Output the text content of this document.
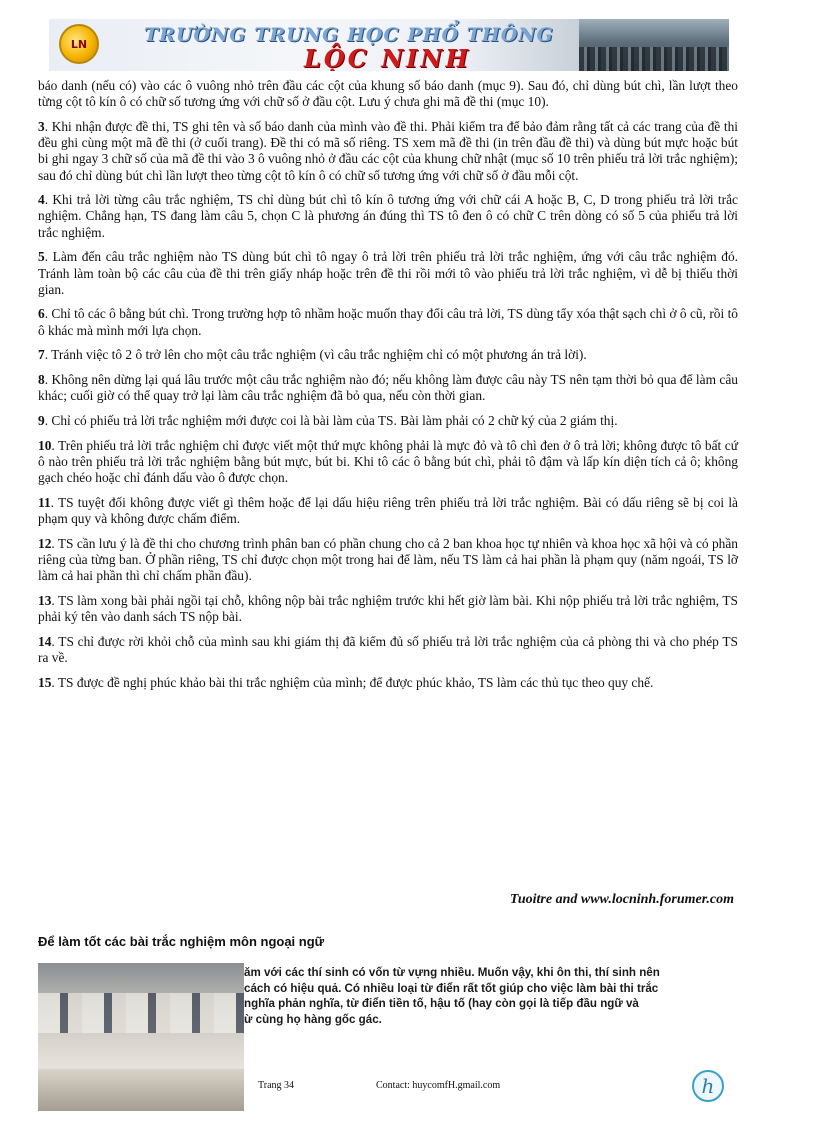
LN	TRƯỜNG TRUNG HỌC PHỔ THÔNG
LỘC NINH

báo danh (nếu có) vào các ô vuông nhỏ trên đầu các cột của khung số báo danh (mục 9). Sau đó, chỉ dùng bút chì, lần lượt theo từng cột tô kín ô có chữ số tương ứng với chữ số ở đầu cột. Lưu ý chưa ghi mã đề thi (mục 10).

3. Khi nhận được đề thi, TS ghi tên và số báo danh của mình vào đề thi. Phải kiểm tra để bảo đảm rằng tất cả các trang của đề thi đều ghi cùng một mã đề thi (ở cuối trang). Đề thi có mã số riêng. TS xem mã đề thi (in trên đầu đề thi) và dùng bút mực hoặc bút bi ghi ngay 3 chữ số của mã đề thi vào 3 ô vuông nhỏ ở đầu các cột của khung chữ nhật (mục số 10 trên phiếu trả lời trắc nghiệm); sau đó chỉ dùng bút chì lần lượt theo từng cột tô kín ô có chữ số tương ứng với chữ số ở đầu mỗi cột.

4. Khi trả lời từng câu trắc nghiệm, TS chỉ dùng bút chì tô kín ô tương ứng với chữ cái A hoặc B, C, D trong phiếu trả lời trắc nghiệm. Chẳng hạn, TS đang làm câu 5, chọn C là phương án đúng thì TS tô đen ô có chữ C trên dòng có số 5 của phiếu trả lời trắc nghiệm.

5. Làm đến câu trắc nghiệm nào TS dùng bút chì tô ngay ô trả lời trên phiếu trả lời trắc nghiệm, ứng với câu trắc nghiệm đó. Tránh làm toàn bộ các câu của đề thi trên giấy nháp hoặc trên đề thi rồi mới tô vào phiếu trả lời trắc nghiệm, vì dễ bị thiếu thời gian.

6. Chỉ tô các ô bằng bút chì. Trong trường hợp tô nhầm hoặc muốn thay đổi câu trả lời, TS dùng tẩy xóa thật sạch chì ở ô cũ, rồi tô ô khác mà mình mới lựa chọn.

7. Tránh việc tô 2 ô trở lên cho một câu trắc nghiệm (vì câu trắc nghiệm chỉ có một phương án trả lời).

8. Không nên dừng lại quá lâu trước một câu trắc nghiệm nào đó; nếu không làm được câu này TS nên tạm thời bỏ qua để làm câu khác; cuối giờ có thể quay trở lại làm câu trắc nghiệm đã bỏ qua, nếu còn thời gian.

9. Chỉ có phiếu trả lời trắc nghiệm mới được coi là bài làm của TS. Bài làm phải có 2 chữ ký của 2 giám thị.

10. Trên phiếu trả lời trắc nghiệm chỉ được viết một thứ mực không phải là mực đỏ và tô chì đen ở ô trả lời; không được tô bất cứ ô nào trên phiếu trả lời trắc nghiệm bằng bút mực, bút bi. Khi tô các ô bằng bút chì, phải tô đậm và lấp kín diện tích cả ô; không gạch chéo hoặc chỉ đánh dấu vào ô được chọn.

11. TS tuyệt đối không được viết gì thêm hoặc để lại dấu hiệu riêng trên phiếu trả lời trắc nghiệm. Bài có dấu riêng sẽ bị coi là phạm quy và không được chấm điểm.

12. TS cần lưu ý là đề thi cho chương trình phân ban có phần chung cho cả 2 ban khoa học tự nhiên và khoa học xã hội và có phần riêng của từng ban. Ở phần riêng, TS chỉ được chọn một trong hai để làm, nếu TS làm cả hai phần là phạm quy (năm ngoái, TS lỡ làm cả hai phần thì chỉ chấm phần đầu).

13. TS làm xong bài phải ngồi tại chỗ, không nộp bài trắc nghiệm trước khi hết giờ làm bài. Khi nộp phiếu trả lời trắc nghiệm, TS phải ký tên vào danh sách TS nộp bài.

14. TS chỉ được rời khỏi chỗ của mình sau khi giám thị đã kiểm đủ số phiếu trả lời trắc nghiệm của cả phòng thi và cho phép TS ra về.

15. TS được đề nghị phúc khảo bài thi trắc nghiệm của mình; để được phúc khảo, TS làm các thủ tục theo quy chế.

Tuoitre and www.locninh.forumer.com
Để làm tốt các bài trắc nghiệm môn ngoại ngữ
ăm với các thí sinh có vốn từ vựng nhiều. Muốn vậy, khi ôn thi, thí sinh nên
cách có hiệu quả. Có nhiều loại từ điển rất tốt giúp cho việc làm bài thi trắc
nghĩa phản nghĩa, từ điển tiền tố, hậu tố (hay còn gọi là tiếp đầu ngữ và
ừ cùng họ hàng gốc gác.
Trang 34	Contact: huycomfH.gmail.com	h
